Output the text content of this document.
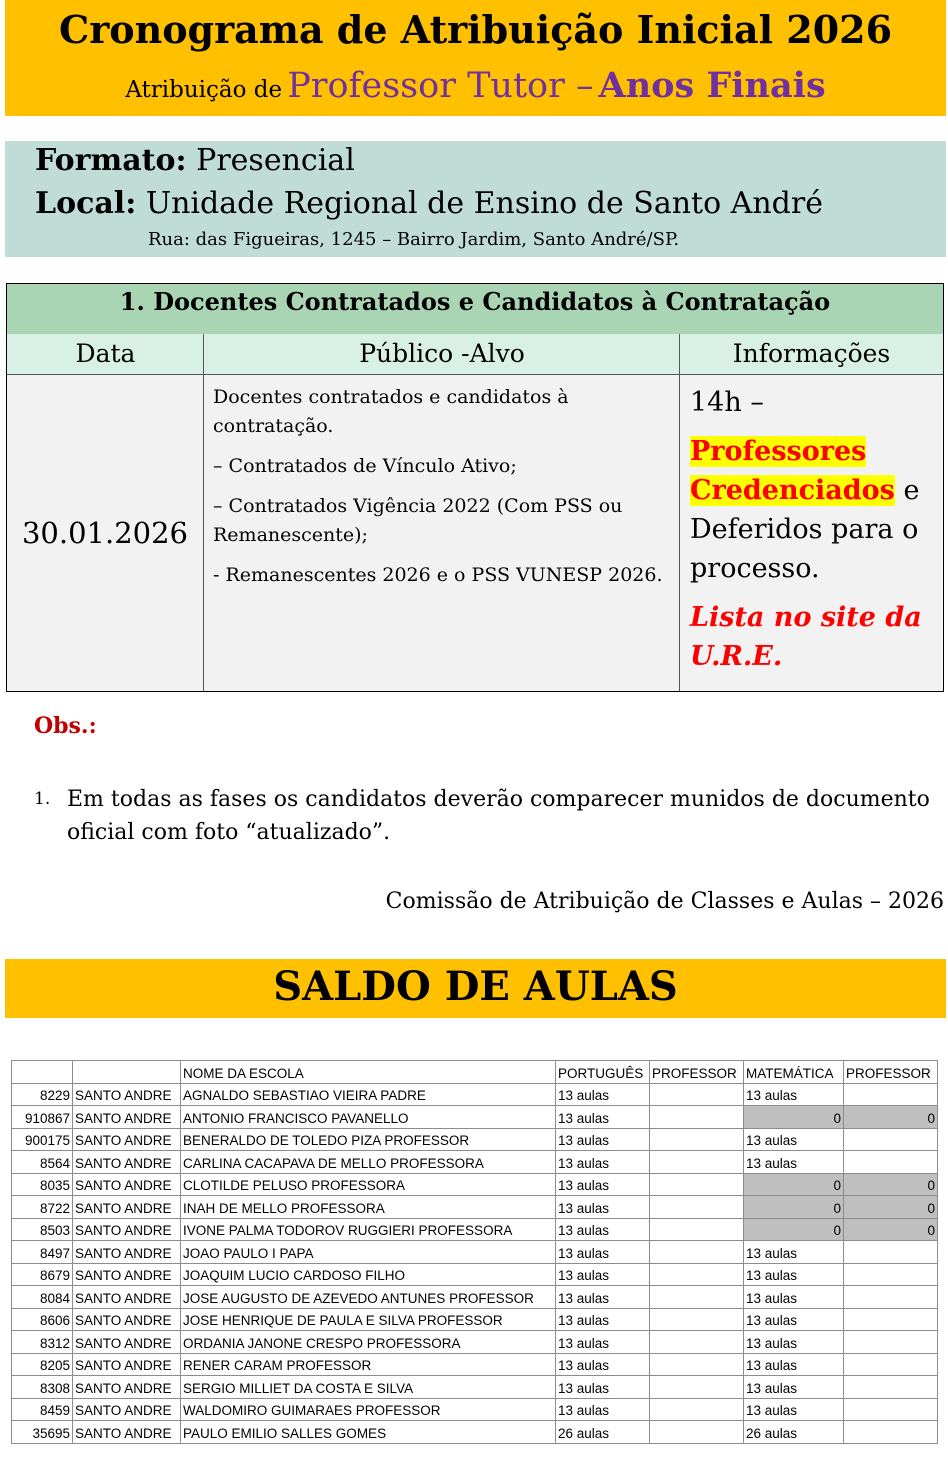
Cronograma de Atribuição Inicial 2026
Atribuição de Professor Tutor – Anos Finais
Formato: Presencial
Local: Unidade Regional de Ensino de Santo André
Rua: das Figueiras, 1245 – Bairro Jardim, Santo André/SP.
1. Docentes Contratados e Candidatos à Contratação
Data	Público -Alvo	Informações
30.01.2026

Docentes contratados e candidatos à contratação.

– Contratados de Vínculo Ativo;

– Contratados Vigência 2022 (Com PSS ou Remanescente);

- Remanescentes 2026 e o PSS VUNESP 2026.

14h –
Professores
Credenciados e Deferidos para o processo.
Lista no site da U.R.E.
Obs.:
1. Em todas as fases os candidatos deverão comparecer munidos de documento oficial com foto “atualizado”.
Comissão de Atribuição de Classes e Aulas – 2026
SALDO DE AULAS
		NOME DA ESCOLA	PORTUGUÊS	PROFESSOR	MATEMÁTICA	PROFESSOR
8229	SANTO ANDRE	AGNALDO SEBASTIAO VIEIRA PADRE	13 aulas		13 aulas	
910867	SANTO ANDRE	ANTONIO FRANCISCO PAVANELLO	13 aulas		0	0
900175	SANTO ANDRE	BENERALDO DE TOLEDO PIZA PROFESSOR	13 aulas		13 aulas	
8564	SANTO ANDRE	CARLINA CACAPAVA DE MELLO PROFESSORA	13 aulas		13 aulas	
8035	SANTO ANDRE	CLOTILDE PELUSO PROFESSORA	13 aulas		0	0
8722	SANTO ANDRE	INAH DE MELLO PROFESSORA	13 aulas		0	0
8503	SANTO ANDRE	IVONE PALMA TODOROV RUGGIERI PROFESSORA	13 aulas		0	0
8497	SANTO ANDRE	JOAO PAULO I PAPA	13 aulas		13 aulas	
8679	SANTO ANDRE	JOAQUIM LUCIO CARDOSO FILHO	13 aulas		13 aulas	
8084	SANTO ANDRE	JOSE AUGUSTO DE AZEVEDO ANTUNES PROFESSOR	13 aulas		13 aulas	
8606	SANTO ANDRE	JOSE HENRIQUE DE PAULA E SILVA PROFESSOR	13 aulas		13 aulas	
8312	SANTO ANDRE	ORDANIA JANONE CRESPO PROFESSORA	13 aulas		13 aulas	
8205	SANTO ANDRE	RENER CARAM PROFESSOR	13 aulas		13 aulas	
8308	SANTO ANDRE	SERGIO MILLIET DA COSTA E SILVA	13 aulas		13 aulas	
8459	SANTO ANDRE	WALDOMIRO GUIMARAES PROFESSOR	13 aulas		13 aulas	
35695	SANTO ANDRE	PAULO EMILIO SALLES GOMES	26 aulas		26 aulas	
